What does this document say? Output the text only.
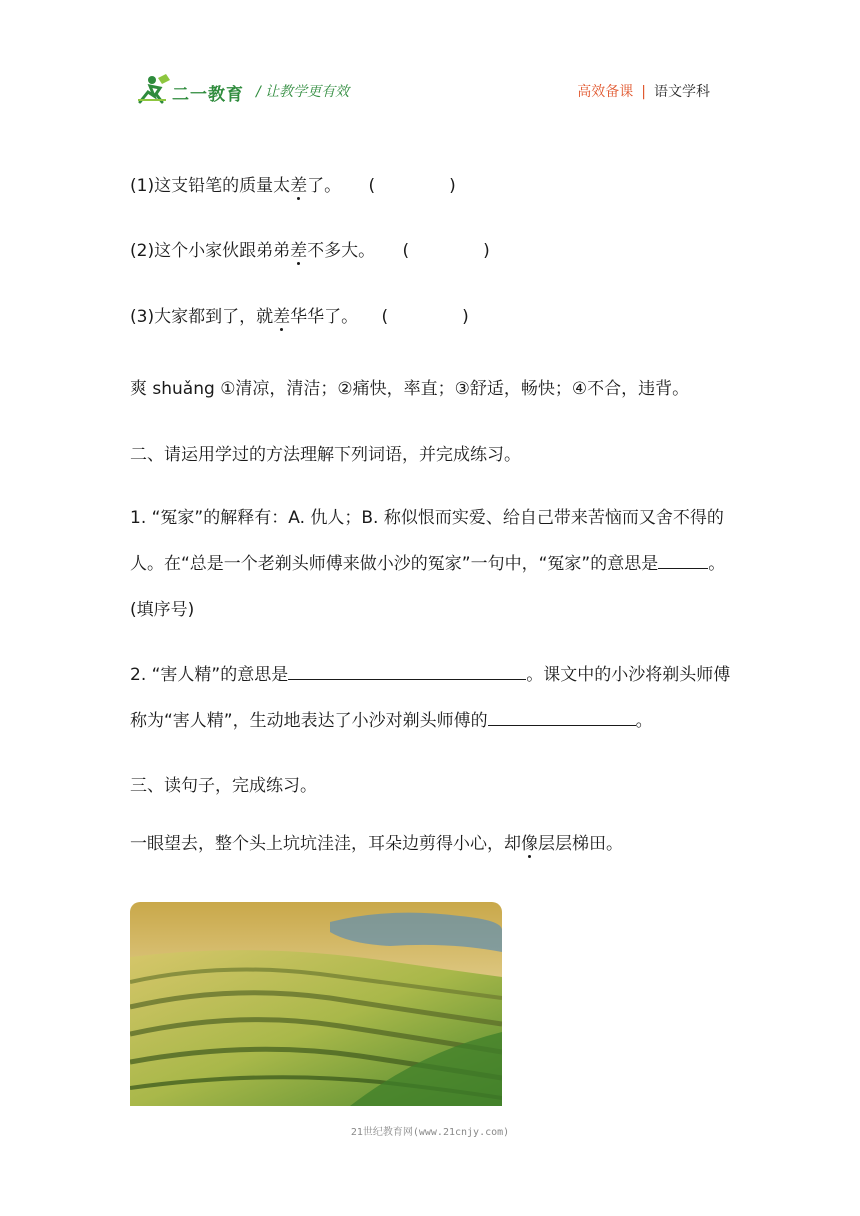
二一教育 / 让教学更有效	高效备课 | 语文学科
(1)这支铅笔的质量太差了。 (	)
(2)这个小家伙跟弟弟差不多大。 (	)
(3)大家都到了，就差华华了。 (	)
爽 shuǎng ①清凉，清洁；②痛快，率直；③舒适，畅快；④不合，违背。
二、请运用学过的方法理解下列词语，并完成练习。
1. “冤家”的解释有：A. 仇人；B. 称似恨而实爱、给自己带来苦恼而又舍不得的人。在“总是一个老剃头师傅来做小沙的冤家”一句中，“冤家”的意思是	。(填序号)
2. “害人精”的意思是	。课文中的小沙将剃头师傅称为“害人精”，生动地表达了小沙对剃头师傅的	。
三、读句子，完成练习。
一眼望去，整个头上坑坑洼洼，耳朵边剪得小心，却像层层梯田。
21世纪教育网(www.21cnjy.com)
